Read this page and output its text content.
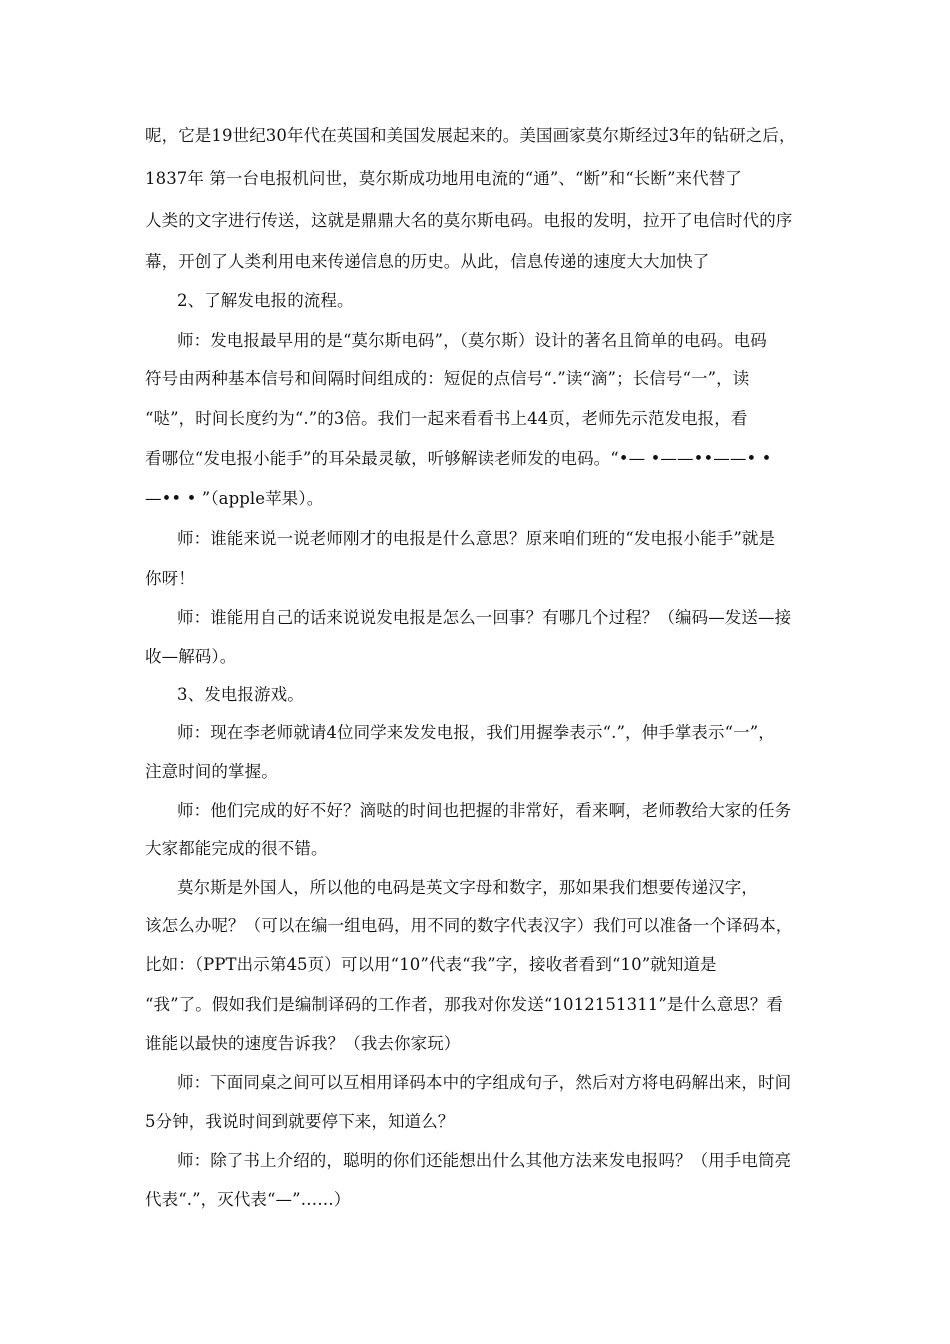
呢，它是19世纪30年代在英国和美国发展起来的。美国画家莫尔斯经过3年的钻研之后，
1837年 第一台电报机问世，莫尔斯成功地用电流的“通”、“断”和“长断”来代替了
人类的文字进行传送，这就是鼎鼎大名的莫尔斯电码。电报的发明，拉开了电信时代的序
幕，开创了人类利用电来传递信息的历史。从此，信息传递的速度大大加快了
2、了解发电报的流程。
师：发电报最早用的是“莫尔斯电码”，（莫尔斯）设计的著名且简单的电码。电码
符号由两种基本信号和间隔时间组成的：短促的点信号“.”读“滴”；长信号“一”，读
“哒”，时间长度约为“.”的3倍。我们一起来看看书上44页，老师先示范发电报，看
看哪位“发电报小能手”的耳朵最灵敏，听够解读老师发的电码。“•— •——••——• •
—•• • ”（apple苹果）。
师：谁能来说一说老师刚才的电报是什么意思？原来咱们班的“发电报小能手”就是
你呀！
师：谁能用自己的话来说说发电报是怎么一回事？有哪几个过程？（编码—发送—接
收—解码）。
3、发电报游戏。
师：现在李老师就请4位同学来发发电报，我们用握拳表示“.”，伸手掌表示“一”，
注意时间的掌握。
师：他们完成的好不好？滴哒的时间也把握的非常好，看来啊，老师教给大家的任务
大家都能完成的很不错。
莫尔斯是外国人，所以他的电码是英文字母和数字，那如果我们想要传递汉字，
该怎么办呢？（可以在编一组电码，用不同的数字代表汉字）我们可以准备一个译码本，
比如：（PPT出示第45页）可以用“10”代表“我”字，接收者看到“10”就知道是
“我”了。假如我们是编制译码的工作者，那我对你发送“1012151311”是什么意思？看
谁能以最快的速度告诉我？（我去你家玩）
师：下面同桌之间可以互相用译码本中的字组成句子，然后对方将电码解出来，时间
5分钟，我说时间到就要停下来，知道么？
师：除了书上介绍的，聪明的你们还能想出什么其他方法来发电报吗？（用手电筒亮
代表“.”，灭代表“—”……）
